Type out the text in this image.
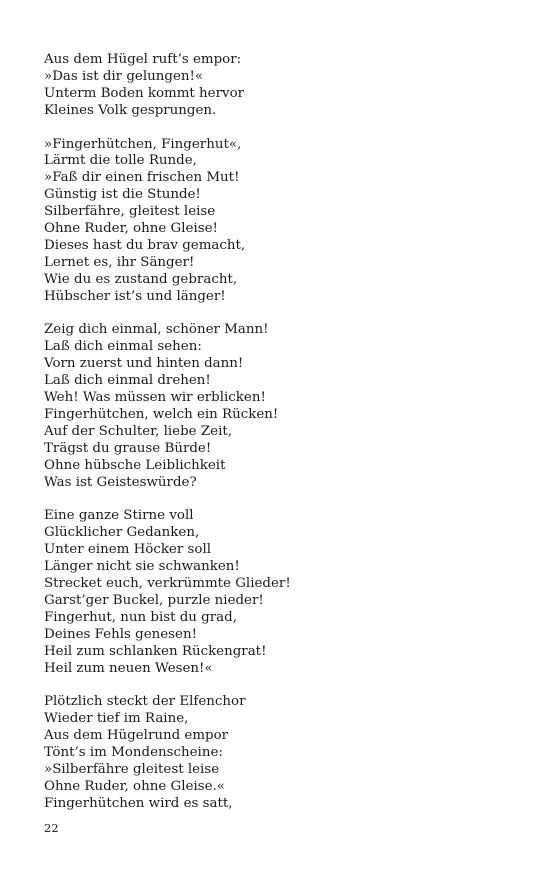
Aus dem Hügel ruft’s empor:
»Das ist dir gelungen!«
Unterm Boden kommt hervor
Kleines Volk gesprungen.
»Fingerhütchen, Fingerhut«,
Lärmt die tolle Runde,
»Faß dir einen frischen Mut!
Günstig ist die Stunde!
Silberfähre, gleitest leise
Ohne Ruder, ohne Gleise!
Dieses hast du brav gemacht,
Lernet es, ihr Sänger!
Wie du es zustand gebracht,
Hübscher ist’s und länger!
Zeig dich einmal, schöner Mann!
Laß dich einmal sehen:
Vorn zuerst und hinten dann!
Laß dich einmal drehen!
Weh! Was müssen wir erblicken!
Fingerhütchen, welch ein Rücken!
Auf der Schulter, liebe Zeit,
Trägst du grause Bürde!
Ohne hübsche Leiblichkeit
Was ist Geisteswürde?
Eine ganze Stirne voll
Glücklicher Gedanken,
Unter einem Höcker soll
Länger nicht sie schwanken!
Strecket euch, verkrümmte Glieder!
Garst’ger Buckel, purzle nieder!
Fingerhut, nun bist du grad,
Deines Fehls genesen!
Heil zum schlanken Rückengrat!
Heil zum neuen Wesen!«
Plötzlich steckt der Elfenchor
Wieder tief im Raine,
Aus dem Hügelrund empor
Tönt’s im Mondenscheine:
»Silberfähre gleitest leise
Ohne Ruder, ohne Gleise.«
Fingerhütchen wird es satt,
22
